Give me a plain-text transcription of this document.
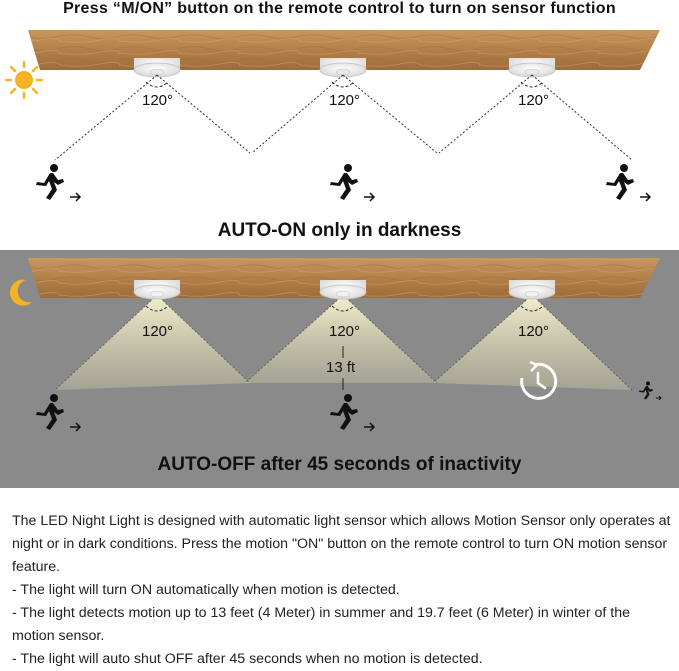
Press “M/ON” button on the remote control to turn on sensor function
120°	120°	120°
AUTO-ON only in darkness
120°	120°	120°
13 ft
AUTO-OFF after 45 seconds of inactivity

The LED Night Light is designed with automatic light sensor which allows Motion Sensor only operates at night or in dark conditions. Press the motion "ON" button on the remote control to turn ON motion sensor feature.

- The light will turn ON automatically when motion is detected.

- The light detects motion up to 13 feet (4 Meter) in summer and 19.7 feet (6 Meter) in winter of the motion sensor.

- The light will auto shut OFF after 45 seconds when no motion is detected.
